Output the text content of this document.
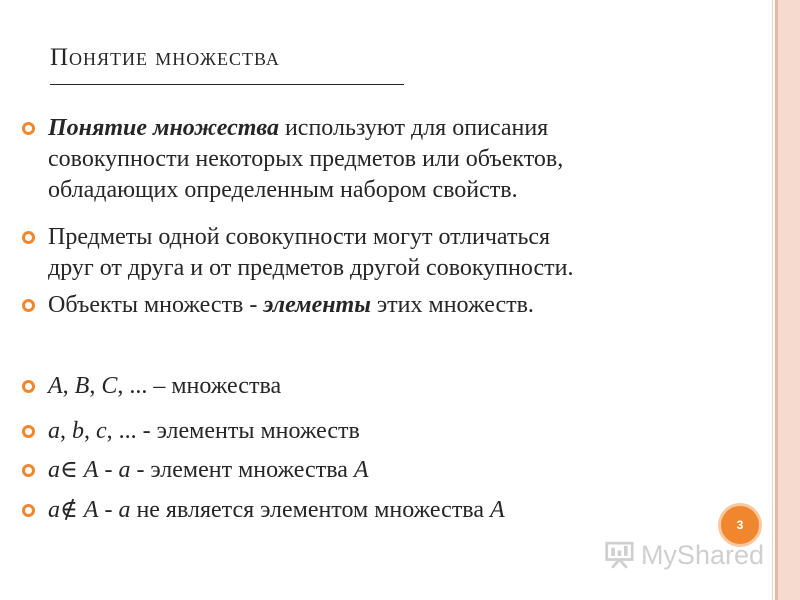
Понятие множества
Понятие множества используют для описания
совокупности некоторых предметов или объектов,
обладающих определенным набором свойств.
Предметы одной совокупности могут отличаться
друг от друга и от предметов другой совокупности.
Объекты множеств - элементы этих множеств.
A, B, C, ... – множества
a, b, c, ... - элементы множеств
a∈ A - a - элемент множества A
a∉ A - a не является элементом множества A
3
MyShared
